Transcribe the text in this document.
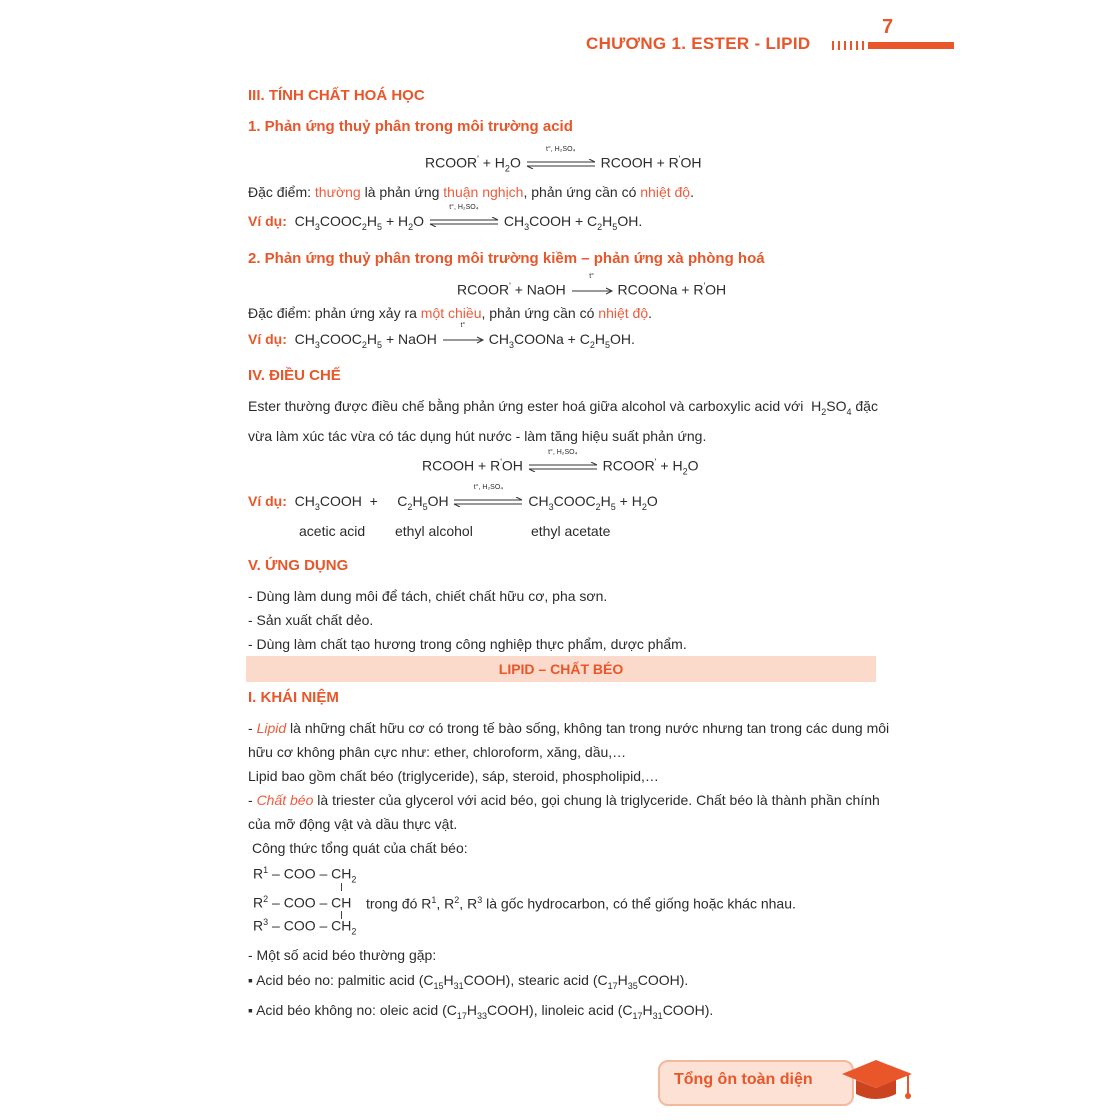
CHƯƠNG 1. ESTER - LIPID
7
III. TÍNH CHẤT HOÁ HỌC
1. Phản ứng thuỷ phân trong môi trường acid
RCOOR' + $H_2O$
t°, H₂SO₄
RCOOH + R'OH
Đặc điểm: thường là phản ứng thuận nghịch, phản ứng cần có nhiệt độ.
Ví dụ:  $CH_3COOC_2H_5 + H_2O$
t°, H₂SO₄
$CH_3COOH + C_2H_5OH$.
2. Phản ứng thuỷ phân trong môi trường kiềm – phản ứng xà phòng hoá
RCOOR' + NaOH
t°
RCOONa + R'OH
Đặc điểm: phản ứng xảy ra một chiều, phản ứng cần có nhiệt độ.
Ví dụ:  $CH_3COOC_2H_5$ + NaOH
t°
$CH_3COONa + C_2H_5OH$.
IV. ĐIỀU CHẾ
Ester thường được điều chế bằng phản ứng ester hoá giữa alcohol và carboxylic acid với  $H_2SO_4$ đặc
vừa làm xúc tác vừa có tác dụng hút nước - làm tăng hiệu suất phản ứng.
RCOOH + R'OH
t°, H₂SO₄
RCOOR' + $H_2O$
Ví dụ:  $CH_3COOH$  +     $C_2H_5OH$
t°, H₂SO₄
$CH_3COOC_2H_5 + H_2O$
acetic acid ethyl alcohol	ethyl acetate
V. ỨNG DỤNG
- Dùng làm dung môi để tách, chiết chất hữu cơ, pha sơn.
- Sản xuất chất dẻo.
- Dùng làm chất tạo hương trong công nghiệp thực phẩm, dược phẩm.
LIPID – CHẤT BÉO
I. KHÁI NIỆM
- Lipid là những chất hữu cơ có trong tế bào sống, không tan trong nước nhưng tan trong các dung môi
hữu cơ không phân cực như: ether, chloroform, xăng, dầu,…
Lipid bao gồm chất béo (triglyceride), sáp, steroid, phospholipid,…
- Chất béo là triester của glycerol với acid béo, gọi chung là triglyceride. Chất béo là thành phần chính
của mỡ động vật và dầu thực vật.
Công thức tổng quát của chất béo:
$R^1$ – COO – $CH_2$
$R^2$ – COO – CH
$R^3$ – COO – $CH_2$
trong đó $R^1$, $R^2$, $R^3$ là gốc hydrocarbon, có thể giống hoặc khác nhau.
- Một số acid béo thường gặp:
▪ Acid béo no: palmitic acid $(C_{15}H_{31}COOH)$, stearic acid $(C_{17}H_{35}COOH)$.
▪ Acid béo không no: oleic acid $(C_{17}H_{33}COOH)$, linoleic acid $(C_{17}H_{31}COOH)$.
Tổng ôn toàn diện
